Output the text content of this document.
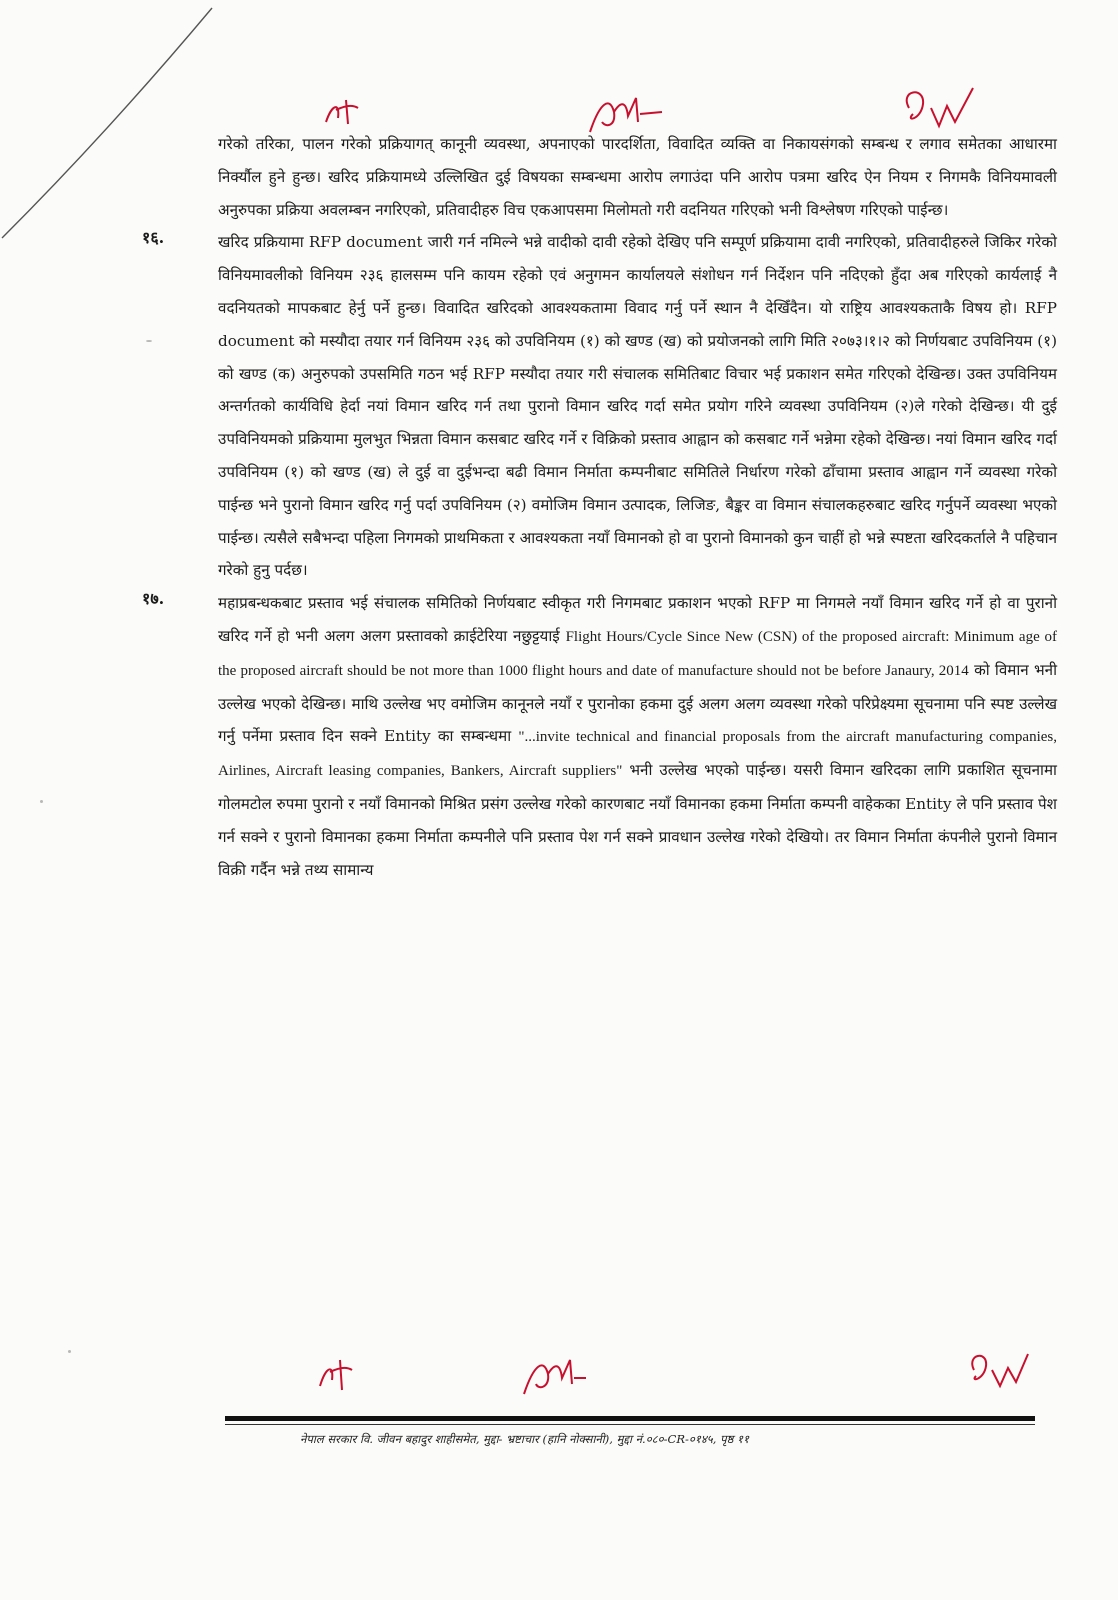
गरेको तरिका, पालन गरेको प्रक्रियागत् कानूनी व्यवस्था, अपनाएको पारदर्शिता, विवादित व्यक्ति वा निकायसंगको सम्बन्ध र लगाव समेतका आधारमा निर्क्यौल हुने हुन्छ। खरिद प्रक्रियामध्ये उल्लिखित दुई विषयका सम्बन्धमा आरोप लगाउंदा पनि आरोप पत्रमा खरिद ऐन नियम र निगमकै विनियमावली अनुरुपका प्रक्रिया अवलम्बन नगरिएको, प्रतिवादीहरु विच एकआपसमा मिलोमतो गरी वदनियत गरिएको भनी विश्लेषण गरिएको पाईन्छ।

१६.	खरिद प्रक्रियामा RFP document जारी गर्न नमिल्ने भन्ने वादीको दावी रहेको देखिए पनि सम्पूर्ण प्रक्रियामा दावी नगरिएको, प्रतिवादीहरुले जिकिर गरेको विनियमावलीको विनियम २३६ हालसम्म पनि कायम रहेको एवं अनुगमन कार्यालयले संशोधन गर्न निर्देशन पनि नदिएको हुँदा अब गरिएको कार्यलाई नै वदनियतको मापकबाट हेर्नु पर्ने हुन्छ। विवादित खरिदको आवश्यकतामा विवाद गर्नु पर्ने स्थान नै देखिँदैन। यो राष्ट्रिय आवश्यकताकै विषय हो। RFP document को मस्यौदा तयार गर्न विनियम २३६ को उपविनियम (१) को खण्ड (ख) को प्रयोजनको लागि मिति २०७३।१।२ को निर्णयबाट उपविनियम (१) को खण्ड (क) अनुरुपको उपसमिति गठन भई RFP मस्यौदा तयार गरी संचालक समितिबाट विचार भई प्रकाशन समेत गरिएको देखिन्छ। उक्त उपविनियम अन्तर्गतको कार्यविधि हेर्दा नयां विमान खरिद गर्न तथा पुरानो विमान खरिद गर्दा समेत प्रयोग गरिने व्यवस्था उपविनियम (२)ले गरेको देखिन्छ। यी दुई उपविनियमको प्रक्रियामा मुलभुत भिन्नता विमान कसबाट खरिद गर्ने र विक्रिको प्रस्ताव आह्वान को कसबाट गर्ने भन्नेमा रहेको देखिन्छ। नयां विमान खरिद गर्दा उपविनियम (१) को खण्ड (ख) ले दुई वा दुईभन्दा बढी विमान निर्माता कम्पनीबाट समितिले निर्धारण गरेको ढाँचामा प्रस्ताव आह्वान गर्ने व्यवस्था गरेको पाईन्छ भने पुरानो विमान खरिद गर्नु पर्दा उपविनियम (२) वमोजिम विमान उत्पादक, लिजिङ, बैङ्कर वा विमान संचालकहरुबाट खरिद गर्नुपर्ने व्यवस्था भएको पाईन्छ। त्यसैले सबैभन्दा पहिला निगमको प्राथमिकता र आवश्यकता नयाँ विमानको हो वा पुरानो विमानको कुन चाहीं हो भन्ने स्पष्टता खरिदकर्ताले नै पहिचान गरेको हुनु पर्दछ।

१७.	महाप्रबन्धकबाट प्रस्ताव भई संचालक समितिको निर्णयबाट स्वीकृत गरी निगमबाट प्रकाशन भएको RFP मा निगमले नयाँ विमान खरिद गर्ने हो वा पुरानो खरिद गर्ने हो भनी अलग अलग प्रस्तावको क्राईटेरिया नछुट्टयाई Flight Hours/Cycle Since New (CSN) of the proposed aircraft: Minimum age of the proposed aircraft should be not more than 1000 flight hours and date of manufacture should not be before Janaury, 2014 को विमान भनी उल्लेख भएको देखिन्छ। माथि उल्लेख भए वमोजिम कानूनले नयाँ र पुरानोका हकमा दुई अलग अलग व्यवस्था गरेको परिप्रेक्ष्यमा सूचनामा पनि स्पष्ट उल्लेख गर्नु पर्नेमा प्रस्ताव दिन सक्ने Entity का सम्बन्धमा "...invite technical and financial proposals from the aircraft manufacturing companies, Airlines, Aircraft leasing companies, Bankers, Aircraft suppliers" भनी उल्लेख भएको पाईन्छ। यसरी विमान खरिदका लागि प्रकाशित सूचनामा गोलमटोल रुपमा पुरानो र नयाँ विमानको मिश्रित प्रसंग उल्लेख गरेको कारणबाट नयाँ विमानका हकमा निर्माता कम्पनी वाहेकका Entity ले पनि प्रस्ताव पेश गर्न सक्ने र पुरानो विमानका हकमा निर्माता कम्पनीले पनि प्रस्ताव पेश गर्न सक्ने प्रावधान उल्लेख गरेको देखियो। तर विमान निर्माता कंपनीले पुरानो विमान विक्री गर्दैन भन्ने तथ्य सामान्य

नेपाल सरकार वि. जीवन बहादुर शाहीसमेत, मुद्दा- भ्रष्टाचार (हानि नोक्सानी), मुद्दा नं.०८०-CR-०१४५, पृष्ठ ११
